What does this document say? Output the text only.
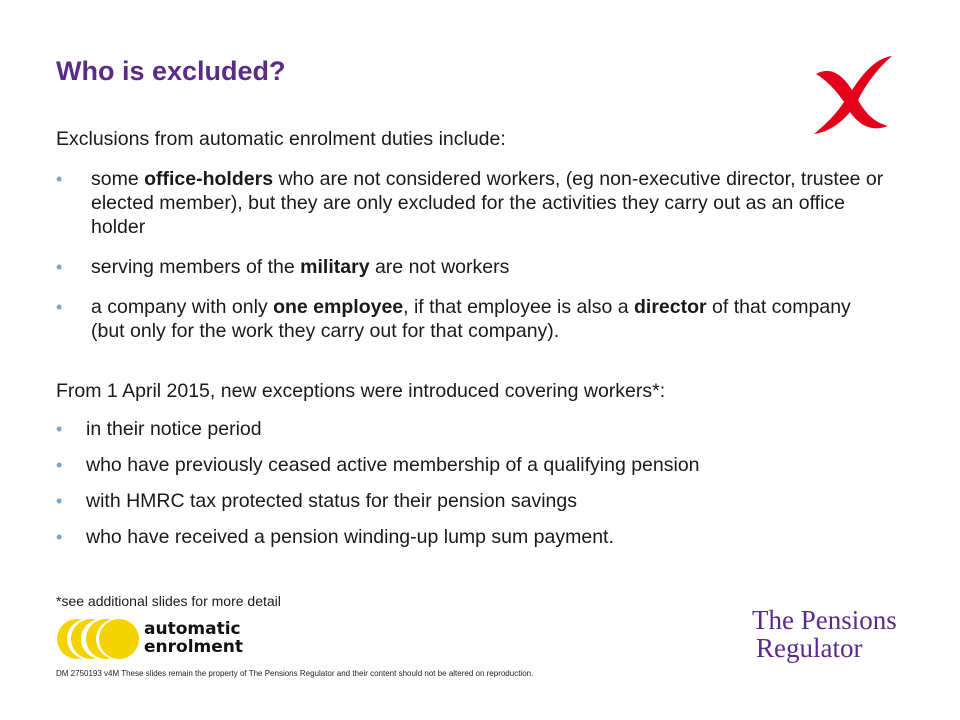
Who is excluded?

Exclusions from automatic enrolment duties include:

• some office-holders who are not considered workers, (eg non-executive director, trustee or elected member), but they are only excluded for the activities they carry out as an office holder
• serving members of the military are not workers
• a company with only one employee, if that employee is also a director of that company (but only for the work they carry out for that company).

From 1 April 2015, new exceptions were introduced covering workers*:

• in their notice period
• who have previously ceased active membership of a qualifying pension
• with HMRC tax protected status for their pension savings
• who have received a pension winding-up lump sum payment.

*see additional slides for more detail

automatic
enrolment
The Pensions
Regulator

DM 2750193 v4M These slides remain the property of The Pensions Regulator and their content should not be altered on reproduction.
